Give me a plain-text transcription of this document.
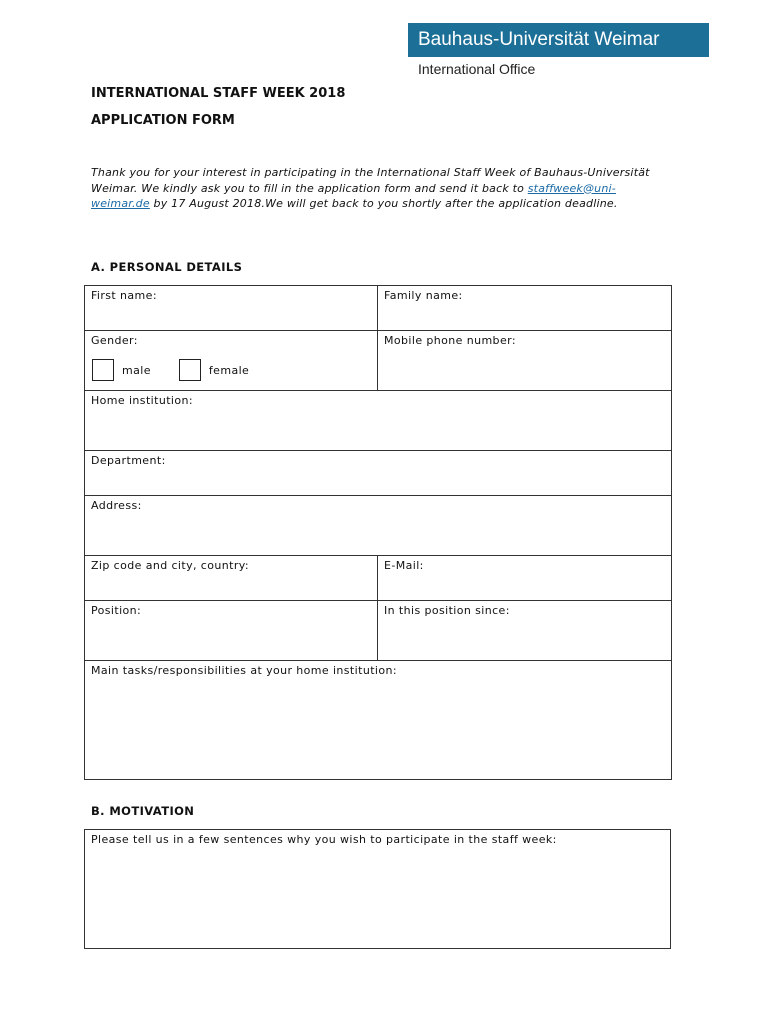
Bauhaus-Universität Weimar
International Office
INTERNATIONAL STAFF WEEK 2018
APPLICATION FORM
Thank you for your interest in participating in the International Staff Week of Bauhaus-Universität Weimar. We kindly ask you to fill in the application form and send it back to staffweek@uni-weimar.de by 17 August 2018.We will get back to you shortly after the application deadline.
A. PERSONAL DETAILS
First name:	Family name:
Gender:
male female	Mobile phone number:
Home institution:	
Department:	
Address:	
Zip code and city, country:	E-Mail:
Position:	In this position since:
Main tasks/responsibilities at your home institution:	
B. MOTIVATION
Please tell us in a few sentences why you wish to participate in the staff week:
